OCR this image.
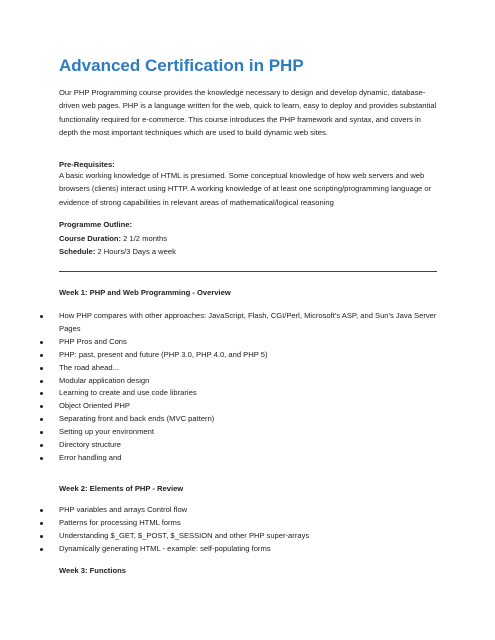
Advanced Certification in PHP
Our PHP Programming course provides the knowledge necessary to design and develop dynamic, database-driven web pages. PHP is a language written for the web, quick to learn, easy to deploy and provides substantial functionality required for e-commerce. This course introduces the PHP framework and syntax, and covers in depth the most important techniques which are used to build dynamic web sites.
Pre-Requisites:
A basic working knowledge of HTML is presumed. Some conceptual knowledge of how web servers and web browsers (clients) interact using HTTP. A working knowledge of at least one scripting/programming language or evidence of strong capabilities in relevant areas of mathematical/logical reasoning
Programme Outline:
Course Duration: 2 1/2 months
Schedule: 2 Hours/3 Days a week
Week 1: PHP and Web Programming - Overview
How PHP compares with other approaches: JavaScript, Flash, CGI/Perl, Microsoft's ASP, and Sun's Java Server Pages
PHP Pros and Cons
PHP: past, present and future (PHP 3.0, PHP 4.0, and PHP 5)
The road ahead...
Modular application design
Learning to create and use code libraries
Object Oriented PHP
Separating front and back ends (MVC pattern)
Setting up your environment
Directory structure
Error handling and
Week 2: Elements of PHP - Review
PHP variables and arrays Control flow
Patterns for processing HTML forms
Understanding $_GET, $_POST, $_SESSION and other PHP super-arrays
Dynamically generating HTML - example: self-populating forms
Week 3: Functions
